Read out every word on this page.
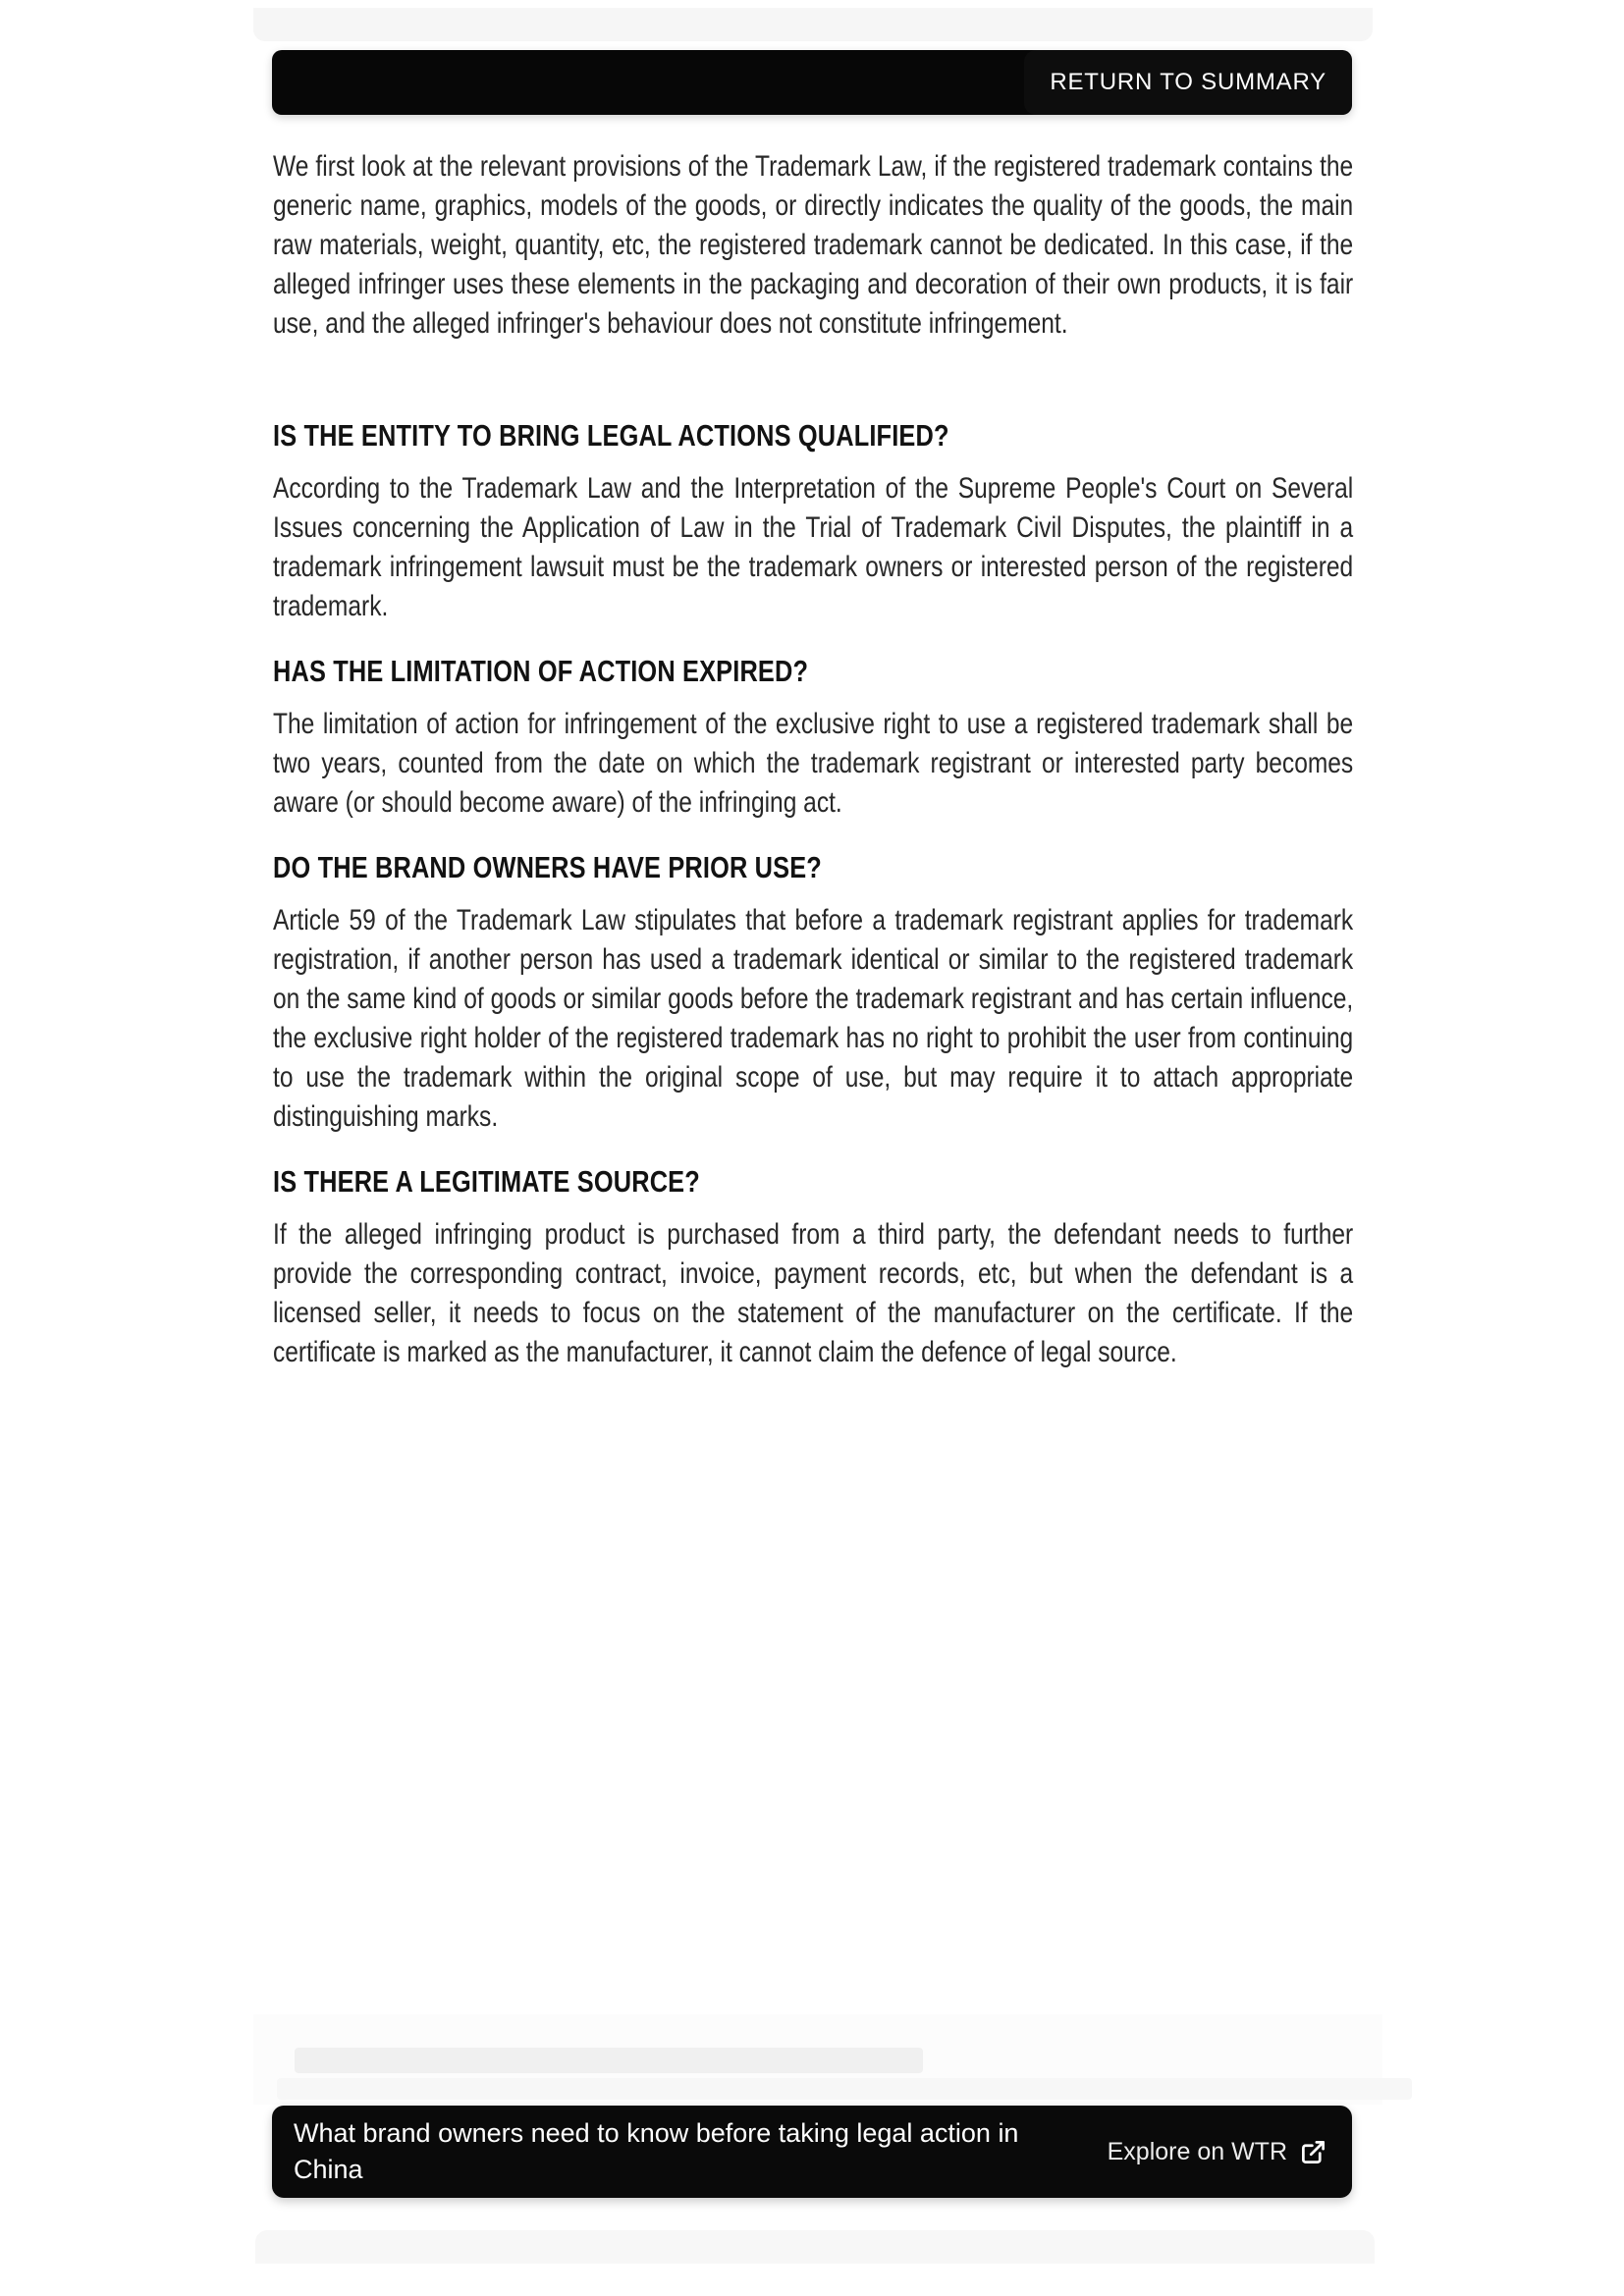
RETURN TO SUMMARY

We first look at the relevant provisions of the Trademark Law, if the registered trademark contains the generic name, graphics, models of the goods, or directly indicates the quality of the goods, the main raw materials, weight, quantity, etc, the registered trademark cannot be dedicated. In this case, if the alleged infringer uses these elements in the packaging and decoration of their own products, it is fair use, and the alleged infringer's behaviour does not constitute infringement.

IS THE ENTITY TO BRING LEGAL ACTIONS QUALIFIED?

According to the Trademark Law and the Interpretation of the Supreme People's Court on Several Issues concerning the Application of Law in the Trial of Trademark Civil Disputes, the plaintiff in a trademark infringement lawsuit must be the trademark owners or interested person of the registered trademark.

HAS THE LIMITATION OF ACTION EXPIRED?

The limitation of action for infringement of the exclusive right to use a registered trademark shall be two years, counted from the date on which the trademark registrant or interested party becomes aware (or should become aware) of the infringing act.

DO THE BRAND OWNERS HAVE PRIOR USE?

Article 59 of the Trademark Law stipulates that before a trademark registrant applies for trademark registration, if another person has used a trademark identical or similar to the registered trademark on the same kind of goods or similar goods before the trademark registrant and has certain influence, the exclusive right holder of the registered trademark has no right to prohibit the user from continuing to use the trademark within the original scope of use, but may require it to attach appropriate distinguishing marks.

IS THERE A LEGITIMATE SOURCE?

If the alleged infringing product is purchased from a third party, the defendant needs to further provide the corresponding contract, invoice, payment records, etc, but when the defendant is a licensed seller, it needs to focus on the statement of the manufacturer on the certificate. If the certificate is marked as the manufacturer, it cannot claim the defence of legal source.

What brand owners need to know before taking legal action in China
Explore on WTR
